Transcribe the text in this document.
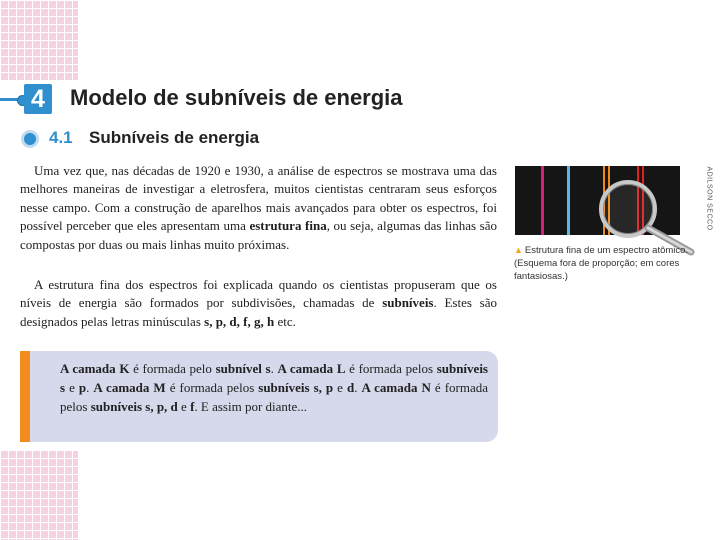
4	Modelo de subníveis de energia
4.1 Subníveis de energia

Uma vez que, nas décadas de 1920 e 1930, a análise de espectros se mostrava uma das melhores maneiras de investigar a eletrosfera, muitos cientistas centraram seus esforços nesse campo. Com a construção de aparelhos mais avançados para obter os espectros, foi possível perceber que eles apresentam uma estrutura fina, ou seja, algumas das linhas são compostas por duas ou mais linhas muito próximas.

A estrutura fina dos espectros foi explicada quando os cientistas propuseram que os níveis de energia são formados por subdivisões, chamadas de subníveis. Estes são designados pelas letras minúsculas s, p, d, f, g, h etc.

A camada K é formada pelo subnível s. A camada L é formada pelos subníveis s e p. A camada M é formada pelos subníveis s, p e d. A camada N é formada pelos subníveis s, p, d e f. E assim por diante...

ADILSON SECCO

▲ Estrutura fina de um espectro atômico. (Esquema fora de proporção; em cores fantasiosas.)
